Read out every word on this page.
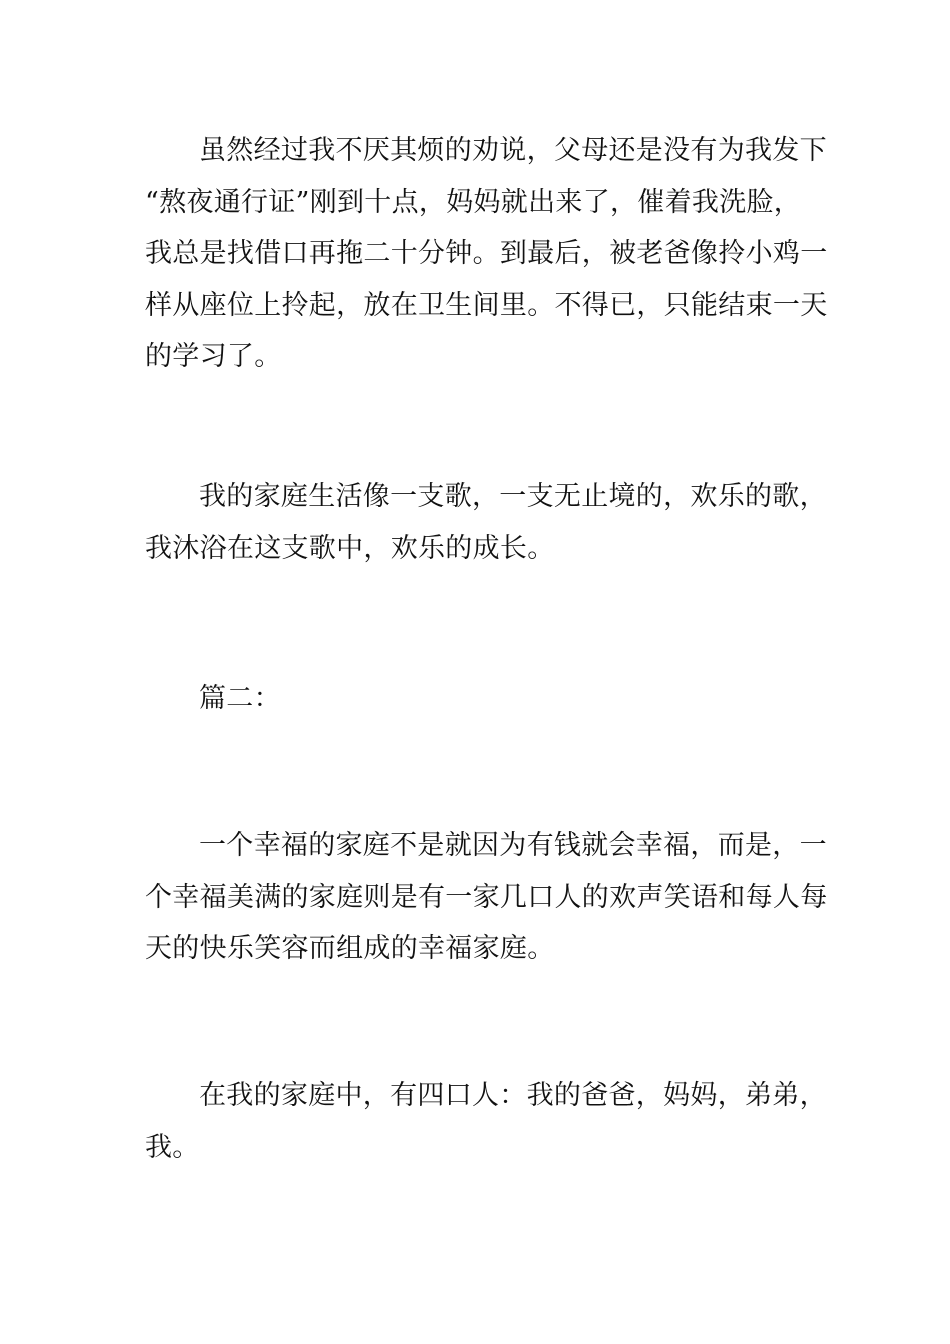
虽然经过我不厌其烦的劝说，父母还是没有为我发下
“熬夜通行证”刚到十点，妈妈就出来了，催着我洗脸，
我总是找借口再拖二十分钟。到最后，被老爸像拎小鸡一
样从座位上拎起，放在卫生间里。不得已，只能结束一天
的学习了。
我的家庭生活像一支歌，一支无止境的，欢乐的歌，
我沐浴在这支歌中，欢乐的成长。
篇二：
一个幸福的家庭不是就因为有钱就会幸福，而是，一
个幸福美满的家庭则是有一家几口人的欢声笑语和每人每
天的快乐笑容而组成的幸福家庭。
在我的家庭中，有四口人：我的爸爸，妈妈，弟弟，
我。
